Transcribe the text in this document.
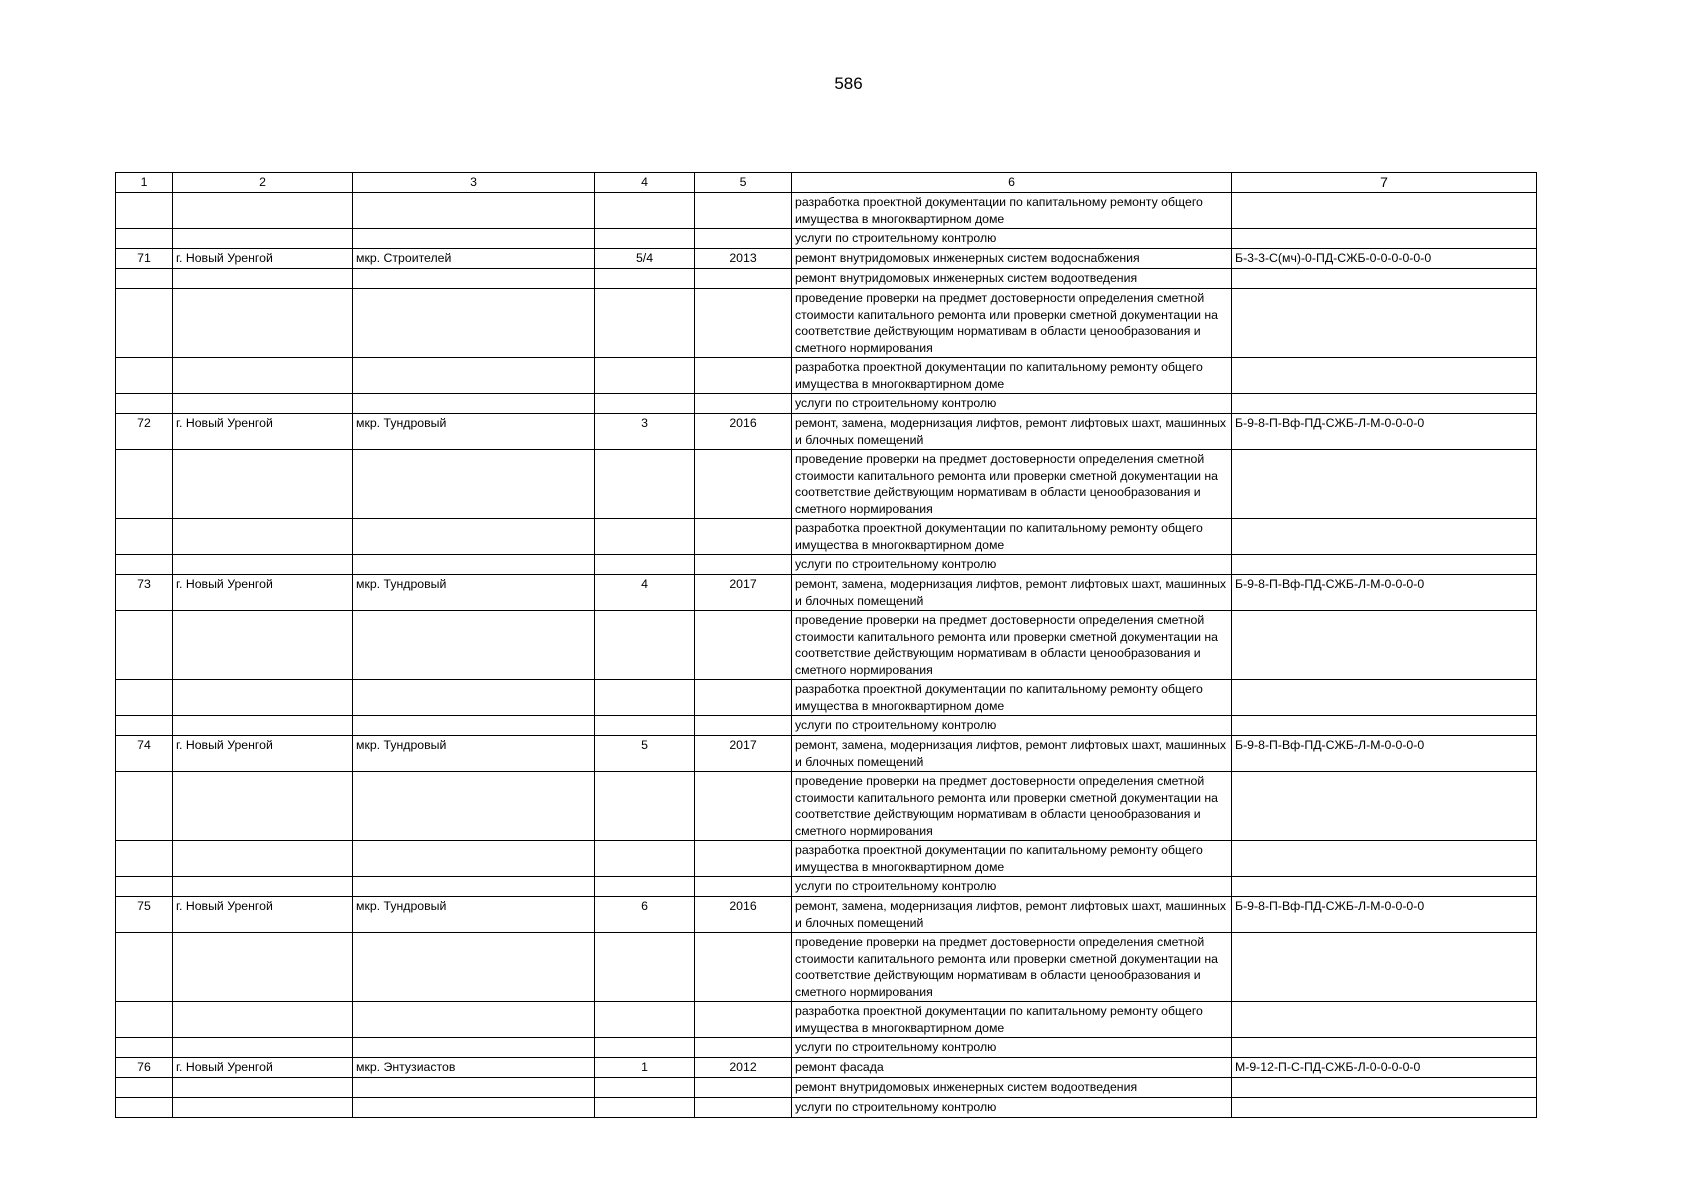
586
1	2	3	4	5	6	7
					разработка проектной документации по капитальному ремонту общего имущества в многоквартирном доме	
					услуги по строительному контролю	
71	г. Новый Уренгой	мкр. Строителей	5/4	2013	ремонт внутридомовых инженерных систем водоснабжения	Б-3-3-С(мч)-0-ПД-СЖБ-0-0-0-0-0-0
					ремонт внутридомовых инженерных систем водоотведения	
					проведение проверки на предмет достоверности определения сметной стоимости капитального ремонта или проверки сметной документации на соответствие действующим нормативам в области ценообразования и сметного нормирования	
					разработка проектной документации по капитальному ремонту общего имущества в многоквартирном доме	
					услуги по строительному контролю	
72	г. Новый Уренгой	мкр. Тундровый	3	2016	ремонт, замена, модернизация лифтов, ремонт лифтовых шахт, машинных и блочных помещений	Б-9-8-П-Вф-ПД-СЖБ-Л-М-0-0-0-0
					проведение проверки на предмет достоверности определения сметной стоимости капитального ремонта или проверки сметной документации на соответствие действующим нормативам в области ценообразования и сметного нормирования	
					разработка проектной документации по капитальному ремонту общего имущества в многоквартирном доме	
					услуги по строительному контролю	
73	г. Новый Уренгой	мкр. Тундровый	4	2017	ремонт, замена, модернизация лифтов, ремонт лифтовых шахт, машинных и блочных помещений	Б-9-8-П-Вф-ПД-СЖБ-Л-М-0-0-0-0
					проведение проверки на предмет достоверности определения сметной стоимости капитального ремонта или проверки сметной документации на соответствие действующим нормативам в области ценообразования и сметного нормирования	
					разработка проектной документации по капитальному ремонту общего имущества в многоквартирном доме	
					услуги по строительному контролю	
74	г. Новый Уренгой	мкр. Тундровый	5	2017	ремонт, замена, модернизация лифтов, ремонт лифтовых шахт, машинных и блочных помещений	Б-9-8-П-Вф-ПД-СЖБ-Л-М-0-0-0-0
					проведение проверки на предмет достоверности определения сметной стоимости капитального ремонта или проверки сметной документации на соответствие действующим нормативам в области ценообразования и сметного нормирования	
					разработка проектной документации по капитальному ремонту общего имущества в многоквартирном доме	
					услуги по строительному контролю	
75	г. Новый Уренгой	мкр. Тундровый	6	2016	ремонт, замена, модернизация лифтов, ремонт лифтовых шахт, машинных и блочных помещений	Б-9-8-П-Вф-ПД-СЖБ-Л-М-0-0-0-0
					проведение проверки на предмет достоверности определения сметной стоимости капитального ремонта или проверки сметной документации на соответствие действующим нормативам в области ценообразования и сметного нормирования	
					разработка проектной документации по капитальному ремонту общего имущества в многоквартирном доме	
					услуги по строительному контролю	
76	г. Новый Уренгой	мкр. Энтузиастов	1	2012	ремонт фасада	М-9-12-П-С-ПД-СЖБ-Л-0-0-0-0-0
					ремонт внутридомовых инженерных систем водоотведения	
					услуги по строительному контролю	
